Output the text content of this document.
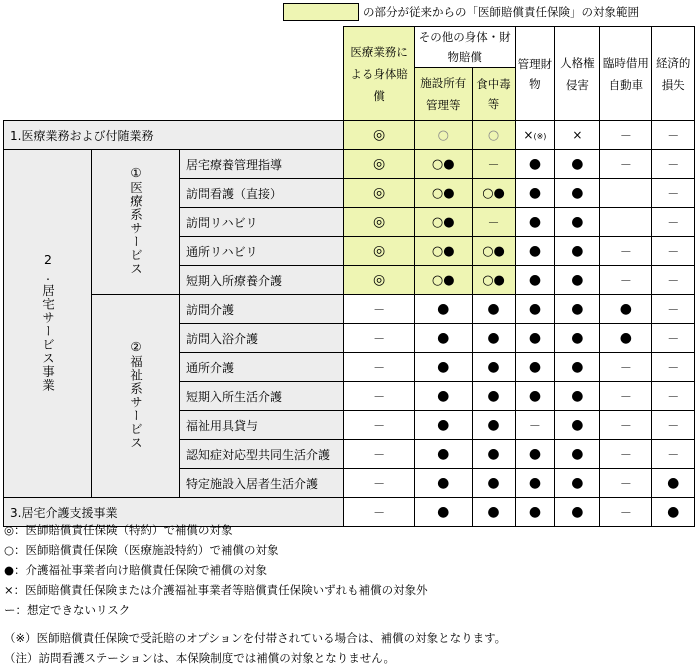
の部分が従来からの「医師賠償責任保険」の対象範囲

			医療業務による身体賠償	その他の身体・財物賠償		管理財物	人格権侵害	臨時借用自動車	経済的損失

				施設所有管理等	食中毒等				
1.医療業務および付随業務			◎	○	○	×(※)	×	－	－
2.居宅サービス事業	①医療系サービス	居宅療養管理指導	◎	○●	－	●	●	－	－
		訪問看護（直接）	◎	○●	○●	●	●		－
		訪問リハビリ	◎	○●	－	●	●		－
		通所リハビリ	◎	○●	○●	●	●	－	－
		短期入所療養介護	◎	○●	○●	●	●	－	－
	②福祉系サービス	訪問介護	－	●	●	●	●	●	－
		訪問入浴介護	－	●	●	●	●	●	－
		通所介護	－	●	●	●	●	－	－
		短期入所生活介護	－	●	●	●	●	－	－
		福祉用具貸与	－	●	●	－	●	－	－
		認知症対応型共同生活介護	－	●	●	●	●	－	－
		特定施設入居者生活介護	－	●	●	●	●	－	●
3.居宅介護支援事業			－	●	●	●	●	－	●
◎：医師賠償責任保険（特約）で補償の対象
○：医師賠償責任保険（医療施設特約）で補償の対象
●：介護福祉事業者向け賠償責任保険で補償の対象
×：医師賠償責任保険または介護福祉事業者等賠償責任保険いずれも補償の対象外
ー：想定できないリスク
（※）医師賠償責任保険で受託賠のオプションを付帯されている場合は、補償の対象となります。
（注）訪問看護ステーションは、本保険制度では補償の対象となりません。
